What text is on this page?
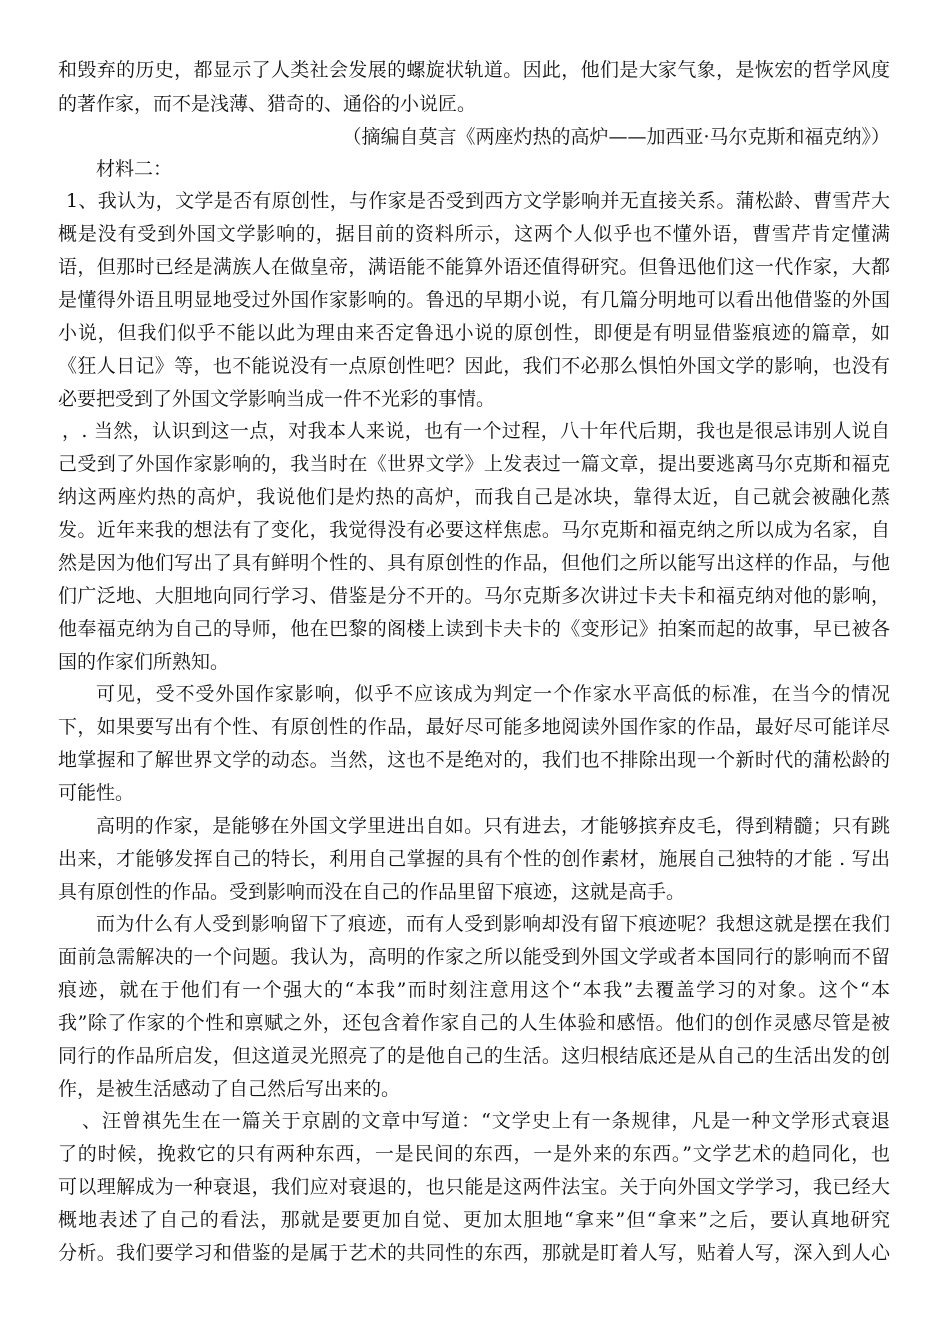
和毁弃的历史，都显示了人类社会发展的螺旋状轨道。因此，他们是大家气象，是恢宏的哲学风度
的著作家，而不是浅薄、猎奇的、通俗的小说匠。
（摘编自莫言《两座灼热的高炉——加西亚·马尔克斯和福克纳》）
材料二：
1、我认为，文学是否有原创性，与作家是否受到西方文学影响并无直接关系。蒲松龄、曹雪芹大
概是没有受到外国文学影响的，据目前的资料所示，这两个人似乎也不懂外语，曹雪芹肯定懂满
语，但那时已经是满族人在做皇帝，满语能不能算外语还值得研究。但鲁迅他们这一代作家，大都
是懂得外语且明显地受过外国作家影响的。鲁迅的早期小说，有几篇分明地可以看出他借鉴的外国
小说，但我们似乎不能以此为理由来否定鲁迅小说的原创性，即便是有明显借鉴痕迹的篇章，如
《狂人日记》等，也不能说没有一点原创性吧？因此，我们不必那么惧怕外国文学的影响，也没有
必要把受到了外国文学影响当成一件不光彩的事情。
，. 当然，认识到这一点，对我本人来说，也有一个过程，八十年代后期，我也是很忌讳别人说自
己受到了外国作家影响的，我当时在《世界文学》上发表过一篇文章，提出要逃离马尔克斯和福克
纳这两座灼热的高炉，我说他们是灼热的高炉，而我自己是冰块，靠得太近，自己就会被融化蒸
发。近年来我的想法有了变化，我觉得没有必要这样焦虑。马尔克斯和福克纳之所以成为名家，自
然是因为他们写出了具有鲜明个性的、具有原创性的作品，但他们之所以能写出这样的作品，与他
们广泛地、大胆地向同行学习、借鉴是分不开的。马尔克斯多次讲过卡夫卡和福克纳对他的影响，
他奉福克纳为自己的导师，他在巴黎的阁楼上读到卡夫卡的《变形记》拍案而起的故事，早已被各
国的作家们所熟知。
可见，受不受外国作家影响，似乎不应该成为判定一个作家水平高低的标准，在当今的情况
下，如果要写出有个性、有原创性的作品，最好尽可能多地阅读外国作家的作品，最好尽可能详尽
地掌握和了解世界文学的动态。当然，这也不是绝对的，我们也不排除出现一个新时代的蒲松龄的
可能性。
高明的作家，是能够在外国文学里进出自如。只有进去，才能够摈弃皮毛，得到精髓；只有跳
出来，才能够发挥自己的特长，利用自己掌握的具有个性的创作素材，施展自己独特的才能 . 写出
具有原创性的作品。受到影响而没在自己的作品里留下痕迹，这就是高手。
而为什么有人受到影响留下了痕迹，而有人受到影响却没有留下痕迹呢？我想这就是摆在我们
面前急需解决的一个问题。我认为，高明的作家之所以能受到外国文学或者本国同行的影响而不留
痕迹，就在于他们有一个强大的“本我”而时刻注意用这个“本我”去覆盖学习的对象。这个“本
我”除了作家的个性和禀赋之外，还包含着作家自己的人生体验和感悟。他们的创作灵感尽管是被
同行的作品所启发，但这道灵光照亮了的是他自己的生活。这归根结底还是从自己的生活出发的创
作，是被生活感动了自己然后写出来的。
、汪曾祺先生在一篇关于京剧的文章中写道：“文学史上有一条规律，凡是一种文学形式衰退
了的时候，挽救它的只有两种东西，一是民间的东西，一是外来的东西。”文学艺术的趋同化，也
可以理解成为一种衰退，我们应对衰退的，也只能是这两件法宝。关于向外国文学学习，我已经大
概地表述了自己的看法，那就是要更加自觉、更加太胆地“拿来”但“拿来”之后，要认真地研究
分析。我们要学习和借鉴的是属于艺术的共同性的东西，那就是盯着人写，贴着人写，深入到人心
